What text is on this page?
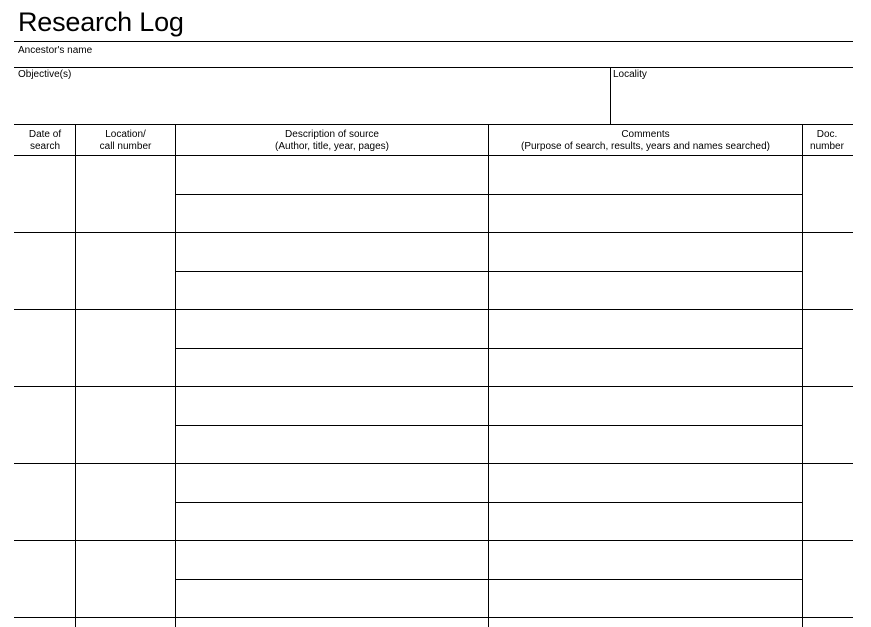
Research Log
Ancestor's name
Objective(s)	Locality
Date of
search
Location/
call number
Description of source
(Author, title, year, pages)
Comments
(Purpose of search, results, years and names searched)
Doc.
number
